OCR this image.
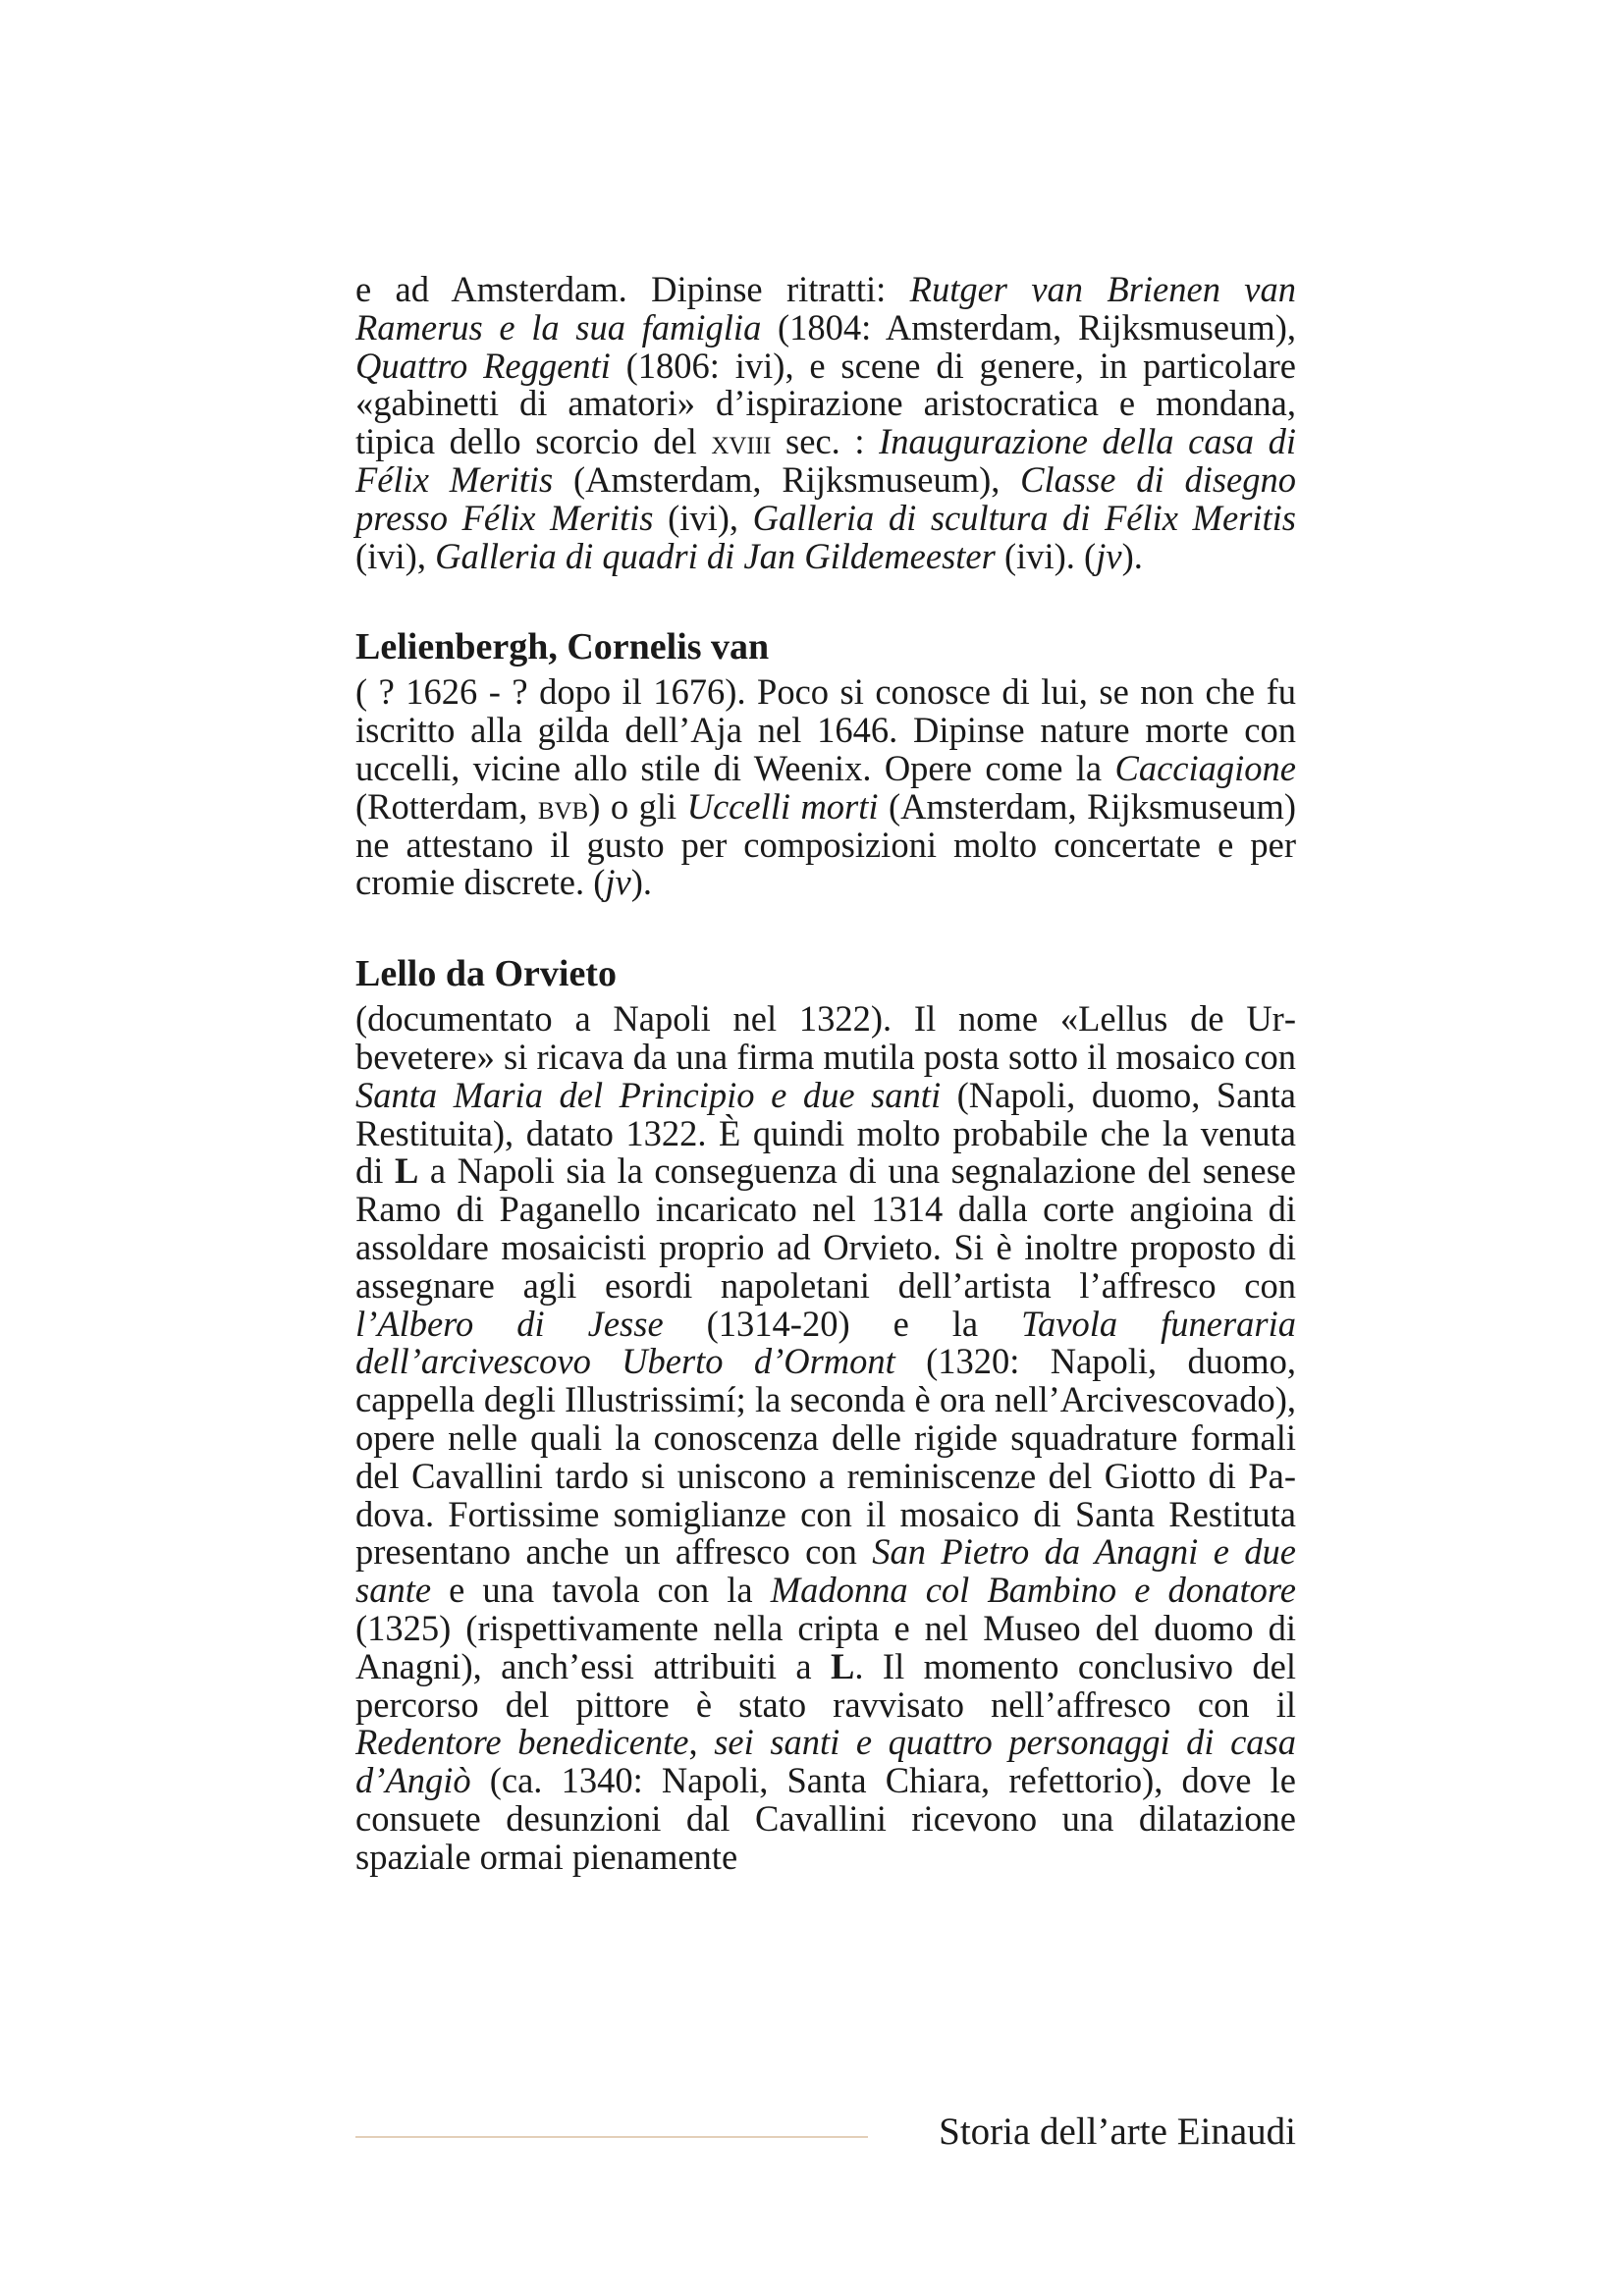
e ad Amsterdam. Dipinse ritratti: Rutger van Brienen van Ramerus e la sua famiglia (1804: Amsterdam, Rijksmuseum), Quattro Reggenti (1806: ivi), e scene di genere, in particolare «gabinetti di amatori» d’ispirazione aristocratica e mondana, tipica dello scorcio del xviii sec. : Inaugurazione della casa di Félix Meritis (Amsterdam, Rijksmuseum), Classe di disegno presso Félix Meritis (ivi), Galleria di scultura di Félix Meritis (ivi), Galleria di quadri di Jan Gildemeester (ivi). (jv).

Lelienbergh, Cornelis van

( ? 1626 - ? dopo il 1676). Poco si conosce di lui, se non che fu iscritto alla gilda dell’Aja nel 1646. Dipinse nature morte con uccelli, vicine allo stile di Weenix. Opere come la Cacciagione (Rotterdam, bvb) o gli Uccelli morti (Amsterdam, Rijksmuseum) ne attestano il gusto per composizioni molto concertate e per cromie discrete. (jv).

Lello da Orvieto

(documentato a Napoli nel 1322). Il nome «Lellus de Urbevetere» si ricava da una firma mutila posta sotto il mosaico con Santa Maria del Principio e due santi (Napoli, duomo, Santa Restituita), datato 1322. È quindi molto probabile che la venuta di L a Napoli sia la conseguenza di una segnalazione del senese Ramo di Paganello incaricato nel 1314 dalla corte angioina di assoldare mosaicisti proprio ad Orvieto. Si è inoltre proposto di assegnare agli esordi napoletani dell’artista l’affresco con l’Albero di Jesse (1314-20) e la Tavola funeraria dell’arcivescovo Uberto d’Ormont (1320: Napoli, duomo, cappella degli Illustrissimí; la seconda è ora nell’Arcivescovado), opere nelle quali la conoscenza delle rigide squadrature formali del Cavallini tardo si uniscono a reminiscenze del Giotto di Padova. Fortissime somiglianze con il mosaico di Santa Restituta presentano anche un affresco con San Pietro da Anagni e due sante e una tavola con la Madonna col Bambino e donatore (1325) (rispettivamente nella cripta e nel Museo del duomo di Anagni), anch’essi attribuiti a L. Il momento conclusivo del percorso del pittore è stato ravvisato nell’affresco con il Redentore benedicente, sei santi e quattro personaggi di casa d’Angiò (ca. 1340: Napoli, Santa Chiara, refettorio), dove le consuete desunzioni dal Cavallini ricevono una dilatazione spaziale ormai pienamente

Storia dell’arte Einaudi
